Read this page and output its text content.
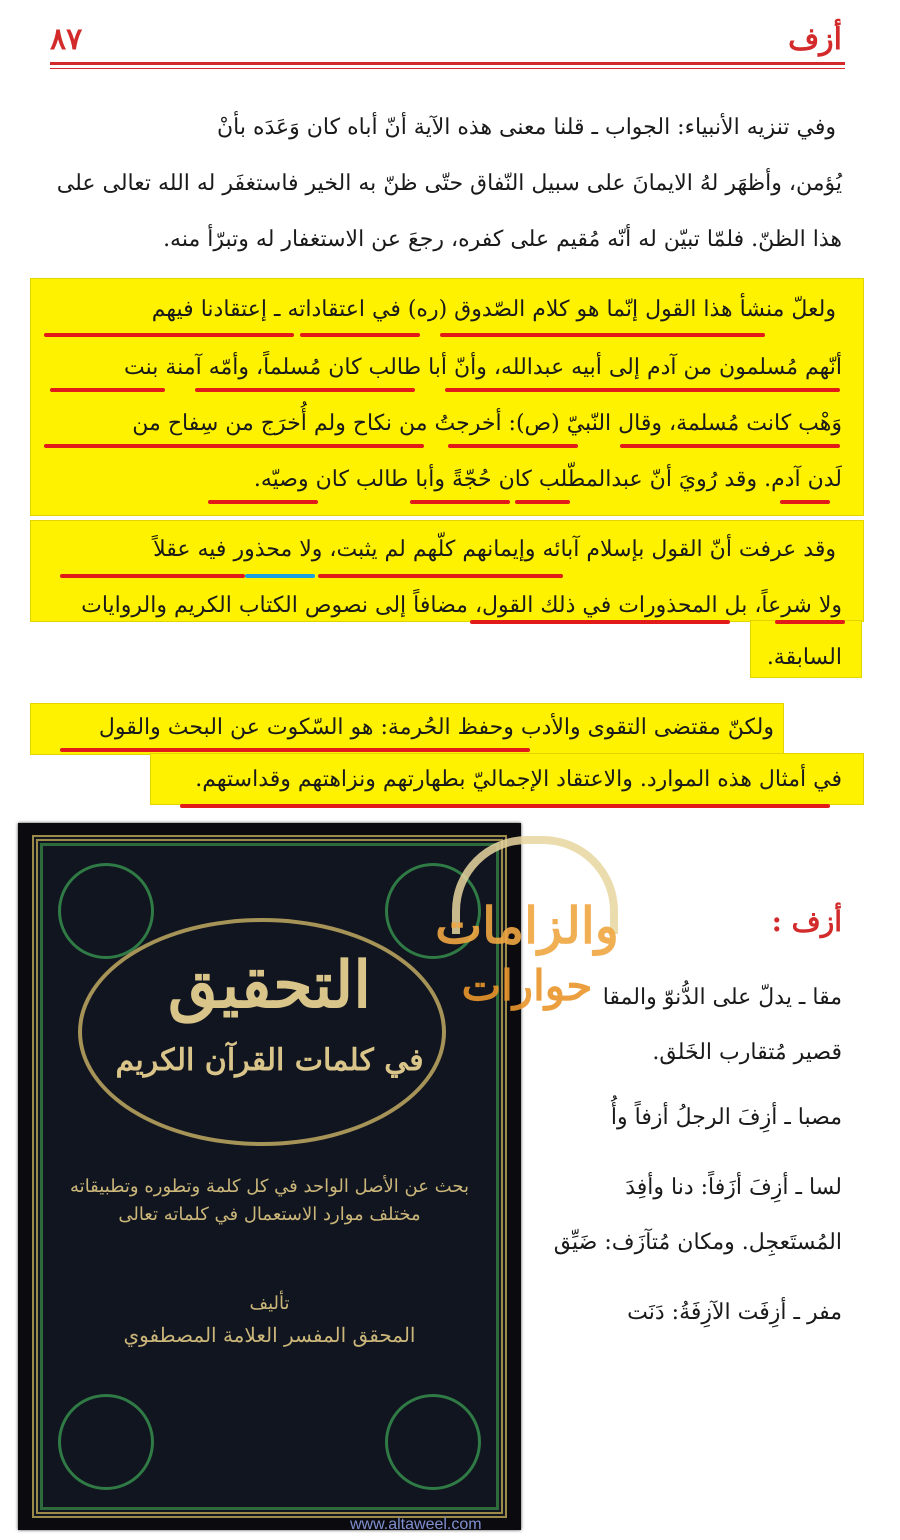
٨٧	أزف
وفي تنزيه الأنبياء: الجواب ـ قلنا معنى هذه الآية أنّ أباه كان وَعَدَه بأنْ
يُؤمن، وأظهَر لهُ الايمانَ على سبيل النّفاق حتّى ظنّ به الخير فاستغفَر له الله تعالى على
هذا الظنّ. فلمّا تبيّن له أنّه مُقيم على كفره، رجعَ عن الاستغفار له وتبرّأ منه.
ولعلّ منشأ هذا القول إنّما هو كلام الصّدوق (ره) في اعتقاداته ـ إعتقادنا فيهم
أنّهم مُسلمون من آدم إلى أبيه عبدالله، وأنّ أبا طالب كان مُسلماً، وأمّه آمنة بنت
وَهْب كانت مُسلمة، وقال النّبيّ (ص): أخرجتُ من نكاح ولم أُخرَج من سِفاح من
لَدن آدم. وقد رُويَ أنّ عبدالمطّلب كان حُجّةً وأبا طالب كان وصيّه.
وقد عرفت أنّ القول بإسلام آبائه وإيمانهم كلّهم لم يثبت، ولا محذور فيه عقلاً
ولا شرعاً، بل المحذورات في ذلك القول، مضافاً إلى نصوص الكتاب الكريم والروايات
السابقة.
ولكنّ مقتضى التقوى والأدب وحفظ الحُرمة: هو السّكوت عن البحث والقول
في أمثال هذه الموارد. والاعتقاد الإجماليّ بطهارتهم ونزاهتهم وقداستهم.
أزف :
مقا ـ يدلّ على الدُّنوّ والمقا
قصير مُتقارب الخَلق.
مصبا ـ أزِفَ الرجلُ أزفاً وأُ
لسا ـ أزِفَ أزَفاً: دنا وأفِدَ
المُستَعجِل. ومكان مُتآزَف: ضَيِّق
مفر ـ أزِفَت الآزِفَةُ: دَنَت
التحقيق
في كلمات القرآن الكريم
بحث عن الأصل الواحد في كل كلمة وتطوره وتطبيقاته
مختلف موارد الاستعمال في كلماته تعالى
تأليف
المحقق المفسر العلامة المصطفوي
والزامات
حوارات
www.altaweel.com
